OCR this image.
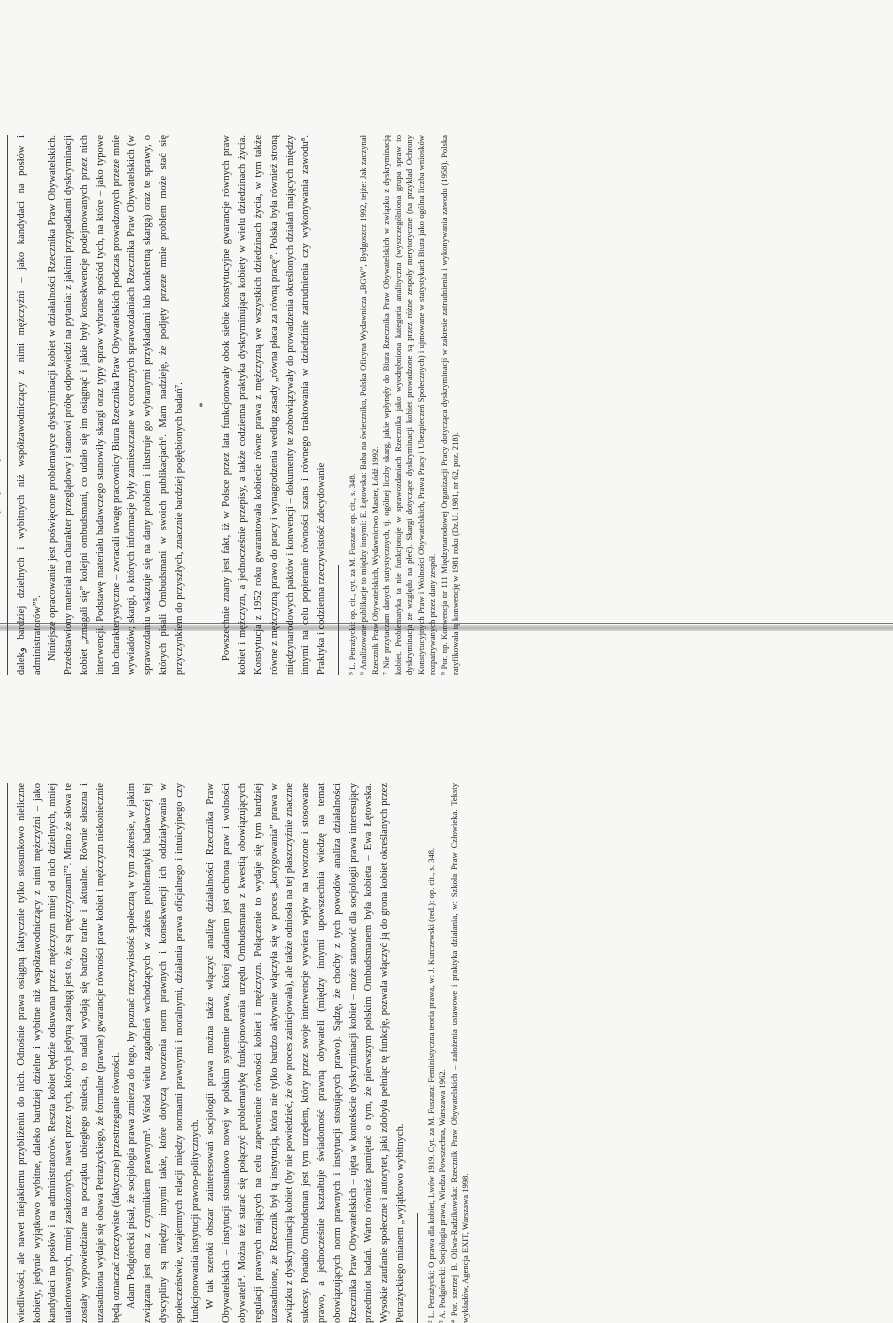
wiedliwości, ale nawet niejakiemu przybliżeniu do nich. Odnośnie prawa osiągną faktycznie tylko stosunkowo nieliczne kobiety, jedynie wyjątkowo wybitne, daleko bardziej dzielne i wybitne niż współzawodniczący z nimi mężczyźni – jako kandydaci na posłów i na administratorów. Reszta kobiet będzie odsuwana przez mężczyzn mniej od nich dzielnych, mniej utalentowanych, mniej zasłużonych, nawet przez tych, których jedyną zasługą jest to, że są mężczyznami”². Mimo że słowa te zostały wypowiedziane na początku ubiegłego stulecia, to nadal wydają się bardzo trafne i aktualne. Równie słuszna i uzasadniona wydaje się obawa Petrażyckiego, że formalne (prawne) gwarancje równości praw kobiet i mężczyzn niekoniecznie będą oznaczać rzeczywiste (faktyczne) przestrzeganie równości. Adam Podgórecki pisał, że socjologia prawa zmierza do tego, by poznać rzeczywistość społeczną w tym zakresie, w jakim związana jest ona z czynnikiem prawnym³. Wśród wielu zagadnień wchodzących w zakres problematyki badawczej tej dyscypliny są między innymi takie, które dotyczą tworzenia norm prawnych i konsekwencji ich oddziaływania w społeczeństwie, wzajemnych relacji między normami prawnymi i moralnymi, działania prawa oficjalnego i intuicyjnego czy funkcjonowania instytucji prawno-politycznych. W tak szeroki obszar zainteresowań socjologii prawa można także włączyć analizę działalności Rzecznika Praw Obywatelskich – instytucji stosunkowo nowej w polskim systemie prawa, której zadaniem jest ochrona praw i wolności obywateli⁴. Można też starać się połączyć problematykę funkcjonowania urzędu Ombudsmana z kwestią obowiązujących regulacji prawnych mających na celu zapewnienie równości kobiet i mężczyzn. Połączenie to wydaje się tym bardziej uzasadnione, że Rzecznik był tą instytucją, która nie tylko bardzo aktywnie włączyła się w proces „korygowania” prawa w związku z dyskryminacją kobiet (by nie powiedzieć, że ów proces zainicjowała), ale także odniosła na tej płaszczyźnie znaczne sukcesy. Ponadto Ombudsman jest tym urzędem, który przez swoje interwencje wywiera wpływ na tworzone i stosowane prawo, a jednocześnie kształtuje świadomość prawną obywateli (między innymi upowszechnia wiedzę na temat obowiązujących norm prawnych i instytucji stosujących prawo). Sądzę, że choćby z tych powodów analiza działalności Rzecznika Praw Obywatelskich – ujęta w kontekście dyskryminacji kobiet – może stanowić dla socjologii prawa interesujący przedmiot badań. Warto również pamiętać o tym, że pierwszym polskim Ombudsmanem była kobieta – Ewa Łętowska. Wysokie zaufanie społeczne i autorytet, jaki zdobyła pełniąc tę funkcję, pozwala włączyć ją do grona kobiet określanych przez Petrażyckiego mianem „wyjątkowo wybitnych.	² L. Petrażycki: O prawa dla kobiet, Lwów 1919. Cyt. za M. Fuszara: Feministyczna teoria prawa, w: J. Kurczewski (red.): op. cit., s. 348. ³ A. Podgórecki: Socjologia prawa, Wiedza Powszechna, Warszawa 1962. ⁴ Por. szerzej B. Oliwa-Radzikowska: Rzecznik Praw Obywatelskich – założenia ustawowe i praktyka działania, w: Szkoła Praw Człowieka. Teksty wykładów, Agencja EXIT, Warszawa 1998.

dalekو bardziej dzielnych i wybitnych niż współzawodniczący z nimi mężczyźni – jako kandydaci na posłów i administratorów”⁵. Niniejsze opracowanie jest poświęcone problematyce dyskryminacji kobiet w działalności Rzecznika Praw Obywatelskich. Przedstawiony materiał ma charakter przeglądowy i stanowi próbę odpowiedzi na pytania: z jakimi przypadkami dyskryminacji kobiet „zmagali się” kolejni ombudsmani, co udało się im osiągnąć i jakie były konsekwencje podejmowanych przez nich interwencji. Podstawę materiału badawczego stanowiły skargi oraz typy spraw wybrane spośród tych, na które – jako typowe lub charakterystyczne – zwracali uwagę pracownicy Biura Rzecznika Praw Obywatelskich podczas prowadzonych przeze mnie wywiadów; skargi, o których informacje były zamieszczane w corocznych sprawozdaniach Rzecznika Praw Obywatelskich (w sprawozdaniu wskazuje się na dany problem i ilustruje go wybranymi przykładami lub konkretną skargą) oraz te sprawy, o których pisali Ombudsmani w swoich publikacjach⁶. Mam nadzieję, że podjęty przeze mnie problem może stać się przyczynkiem do przyszłych, znacznie bardziej pogłębionych badań⁷. * Powszechnie znany jest fakt, iż w Polsce przez lata funkcjonowały obok siebie konstytucyjne gwarancje równych praw kobiet i mężczyzn, a jednocześnie przepisy, a także codzienna praktyka dyskryminująca kobiety w wielu dziedzinach życia. Konstytucja z 1952 roku gwarantowała kobiecie równe prawa z mężczyzną we wszystkich dziedzinach życia, w tym także równe z mężczyzną prawo do pracy i wynagrodzenia według zasady „równa płaca za równą pracę”. Polska była również stroną międzynarodowych paktów i konwencji – dokumenty te zobowiązywały do prowadzenia określonych działań mających między innymi na celu popieranie równości szans i równego traktowania w dziedzinie zatrudnienia czy wykonywania zawodu⁸. Praktyka i codzienna rzeczywistość zdecydowanie	⁵ L. Petrażycki: op. cit., cyt. za M. Fuszara: op. cit., s. 348. ⁶ Analizowane publikacje to między innymi: E. Łętowska: Baba na świeczniku, Polska Oficyna Wydawnicza „BGW”, Bydgoszcz 1992, tejże: Jak zaczynał Rzecznik Praw Obywatelskich, Wydawnictwo Master, Łódź 1992. ⁷ Nie przytaczam danych statystycznych, tj. ogólnej liczby skarg, jakie wpłynęły do Biura Rzecznika Praw Obywatelskich w związku z dyskryminacją kobiet. Problematyka ta nie funkcjonuje w sprawozdaniach Rzecznika jako wyodrębniona kategoria analityczna (wyszczególniona grupa spraw to dyskryminacja ze względu na płeć). Skargi dotyczące dyskryminacji kobiet prowadzone są przez różne zespoły merytoryczne (na przykład Ochrony Konstytucyjnych Praw i Wolności Obywatelskich, Prawa Pracy i Ubezpieczeń Społecznych) i ujmowane w statystykach Biura jako ogólna liczba wniosków rozpatrywanych przez dany zespół. ⁸ Por. np. Konwencja nr 111 Międzynarodowej Organizacji Pracy dotycząca dyskryminacji w zakresie zatrudnienia i wykonywania zawodu (1958). Polska ratyfikowała tę konwencję w 1981 roku (Dz.U. 1981, nr 62, poz. 218).
